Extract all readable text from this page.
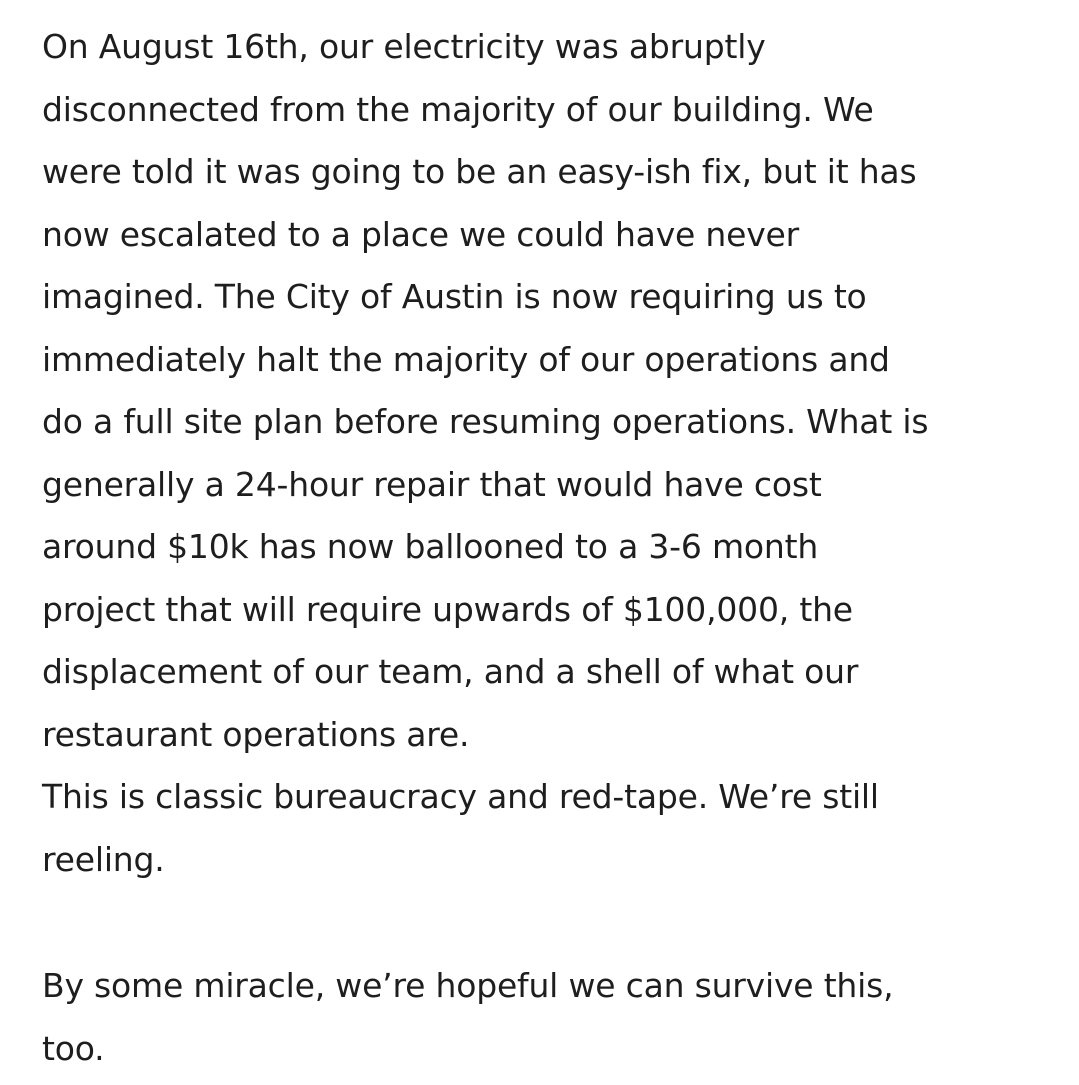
On August 16th, our electricity was abruptly
disconnected from the majority of our building. We
were told it was going to be an easy-ish fix, but it has
now escalated to a place we could have never
imagined. The City of Austin is now requiring us to
immediately halt the majority of our operations and
do a full site plan before resuming operations. What is
generally a 24-hour repair that would have cost
around $10k has now ballooned to a 3-6 month
project that will require upwards of $100,000, the
displacement of our team, and a shell of what our
restaurant operations are.
This is classic bureaucracy and red-tape. We’re still
reeling.

By some miracle, we’re hopeful we can survive this,
too.
